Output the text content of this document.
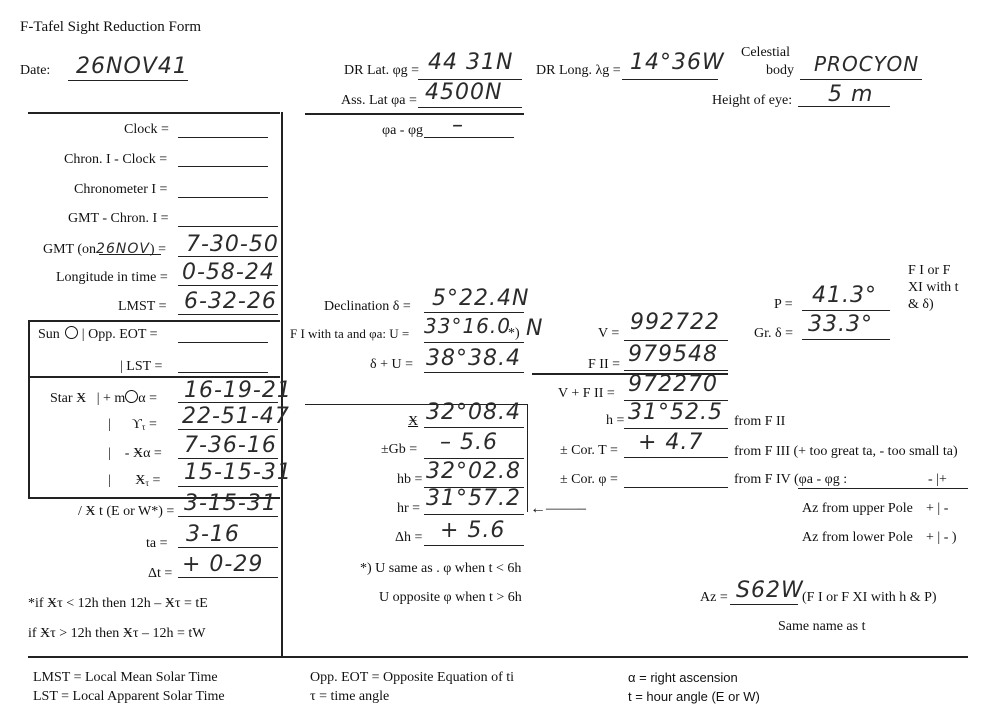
F-Tafel Sight Reduction Form
Date: 26NOV41	DR Lat. φg = 44 31N
Ass. Lat φa = 4500N
φa - φg –
DR Long. λg = 14°36W Celestial
body PROCYON
Height of eye: 5 m
Clock =
Chron. I - Clock =
Chronometer I =
GMT - Chron. I =
GMT (on26NOV) = 7-30-50
Longitude in time = 0-58-24
LMST = 6-32-26
Sun | Opp. EOT =
| LST =
Star Ӿ   | + m α = 16-19-21
|      ϒτ = 22-51-47
|    - Ӿα = 7-36-16
|       Ӿτ = 15-15-31
/ Ӿ t (E or W*) = 3-15-31
ta = 3-16
Δt = + 0-29
*if Ӿτ < 12h then 12h – Ӿτ = tE
if Ӿτ > 12h then Ӿτ – 12h = tW
Declination δ = 5°22.4N
F I with ta and φa: U = 33°16.0
*) N
δ + U = 38°38.4
Ӿ 32°08.4
±Gb = – 5.6
hb = 32°02.8
hr = 31°57.2 ←——–
Δh = + 5.6
*) U same as . φ when t < 6h
U opposite φ when t > 6h
V = 992722
F II = 979548
V + F II = 972270
h = 31°52.5 from F II
± Cor. T = + 4.7 from F III (+ too great ta, - too small ta)
± Cor. φ =	from F IV (φa - φg :	- |+
Az from upper Pole + | -
Az from lower Pole + | - )
P = 41.3°
Gr. δ = 33.3°
F I or F
XI with t
& δ)
Az = S62W
(F I or F XI with h & P)
Same name as t
LMST = Local Mean Solar Time
LST = Local Apparent Solar Time
Opp. EOT = Opposite Equation of ti
τ = time angle
α = right ascension
t = hour angle (E or W)
